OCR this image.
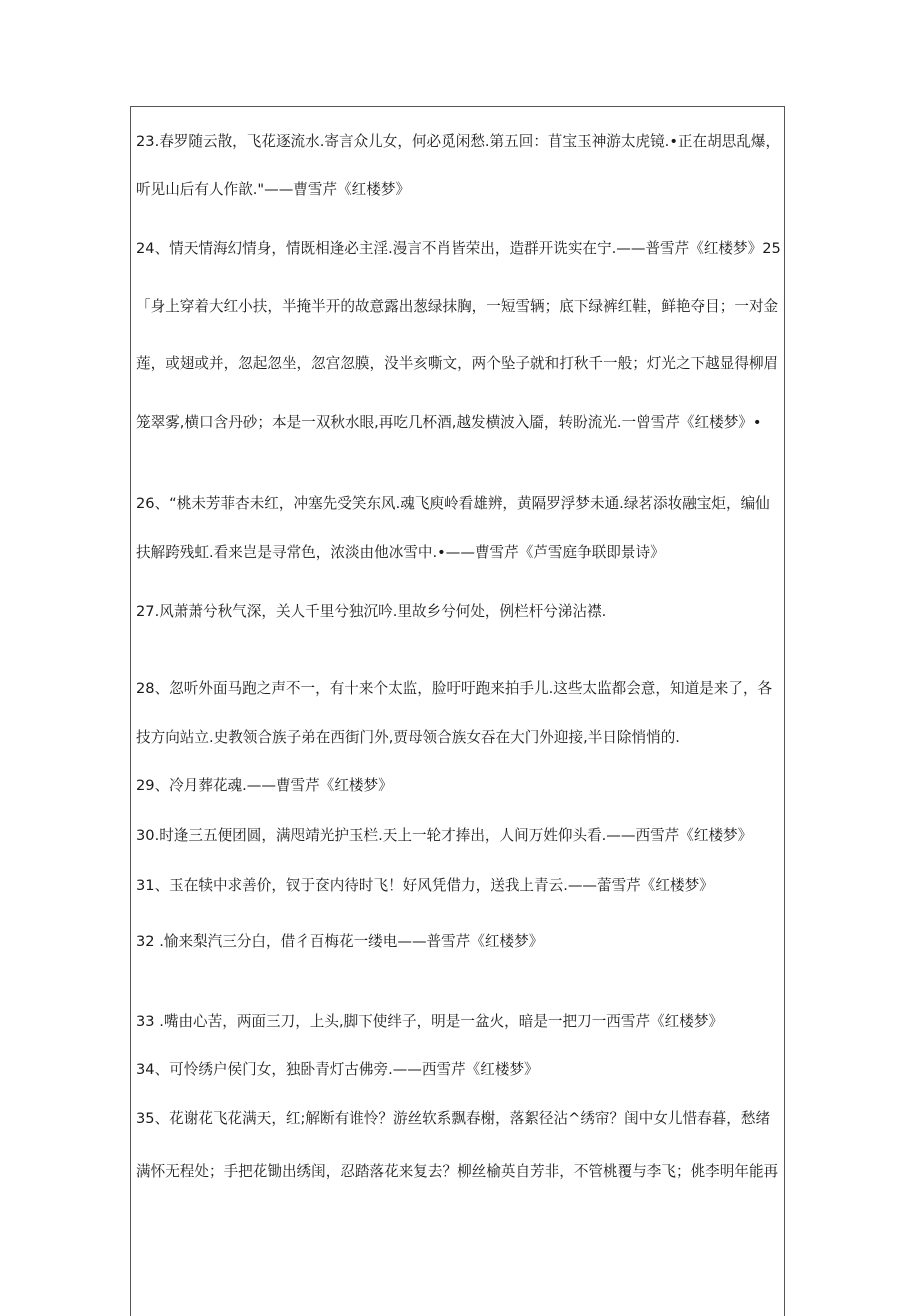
23.春罗随云散，飞花逐流水.寄言众儿女，何必觅闲愁.第五回：苜宝玉神游太虎镜.•正在胡思乱爆，
听见山后有人作歆."——曹雪芹《红楼梦》
24、情天情海幻情身，情既相逢必主淫.漫言不肖皆荣出，造群开诜实在宁.——普雪芹《红楼梦》25
「身上穿着大红小扶，半掩半开的故意露出葱绿抹胸，一短雪辆；底下绿裤红鞋，鲜艳夺目；一对金
莲，或翅或并，忽起忽坐，忽宫忽膜，没半亥嘶文，两个坠子就和打秋千一般；灯光之下越显得柳眉
笼翠雾,横口含丹砂；本是一双秋水眼,再吃几杯酒,越发横波入靥，转盼流光.一曾雪芹《红楼梦》•
26、“桃未芳菲杏未红，冲塞先受笑东风.魂飞庾岭看雄辨，黄隔罗浮梦未通.绿茗添妆融宝炬，编仙
扶解跨残虹.看来岂是寻常色，浓淡由他冰雪中.•——曹雪芹《芦雪庭争联即景诗》
27.风萧萧兮秋气深，关人千里兮独沉吟.里故乡兮何处，例栏杆兮涕沾襟.
28、忽听外面马跑之声不一，有十来个太监，脸吁吁跑来拍手儿.这些太监都会意，知道是来了，各
技方向站立.史教领合族子弟在西街门外,贾母领合族女吞在大门外迎接,半日除悄悄的.
29、冷月葬花魂.——曹雪芹《红楼梦》
30.时逢三五便团圆，满咫靖光护玉栏.天上一轮才捧出，人间万姓仰头看.——西雪芹《红楼梦》
31、玉在犊中求善价，钗于奁内待时飞！好风凭借力，送我上青云.——蕾雪芹《红楼梦》
32 .愉来梨汽三分白，借彳百梅花一缕电——普雪芹《红楼梦》
33 .嘴由心苦，两面三刀，上头,脚下使绊子，明是一盆火，暗是一把刀一西雪芹《红楼梦》
34、可怜绣户侯门女，独卧青灯古佛旁.——西雪芹《红楼梦》
35、花谢花飞花满天，红;解断有谁怜？游丝软系飘春榭，落絮径沾^绣帘？闺中女儿惜春暮，愁绪
满怀无程处；手把花锄出绣闺，忍踏落花来复去？柳丝榆英自芳非，不管桃覆与李飞；佻李明年能再
